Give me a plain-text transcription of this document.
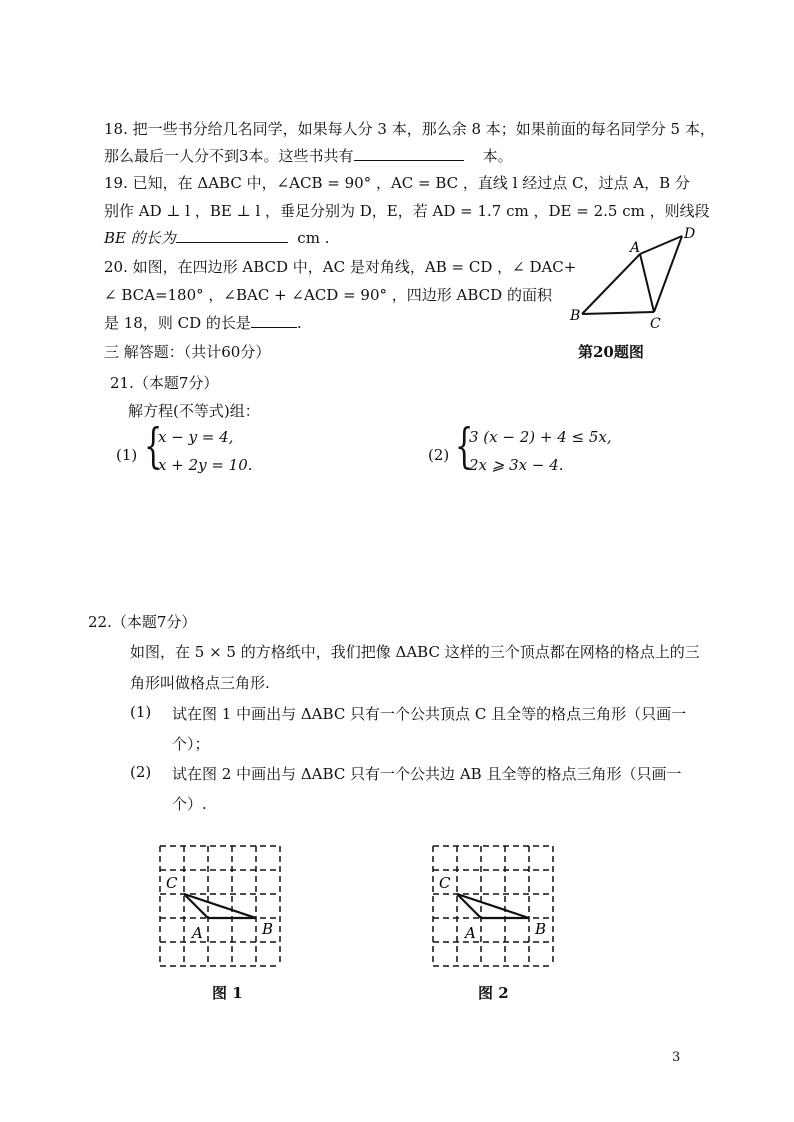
18. 把一些书分给几名同学，如果每人分 3 本，那么余 8 本；如果前面的每名同学分 5 本，
那么最后一人分不到3本。这些书共有	本。
19. 已知，在 ΔABC 中，∠ACB = 90° ，AC = BC ，直线 l 经过点 C，过点 A，B 分
别作 AD ⊥ l ，BE ⊥ l ，垂足分别为 D，E，若 AD = 1.7 cm ，DE = 2.5 cm ，则线段
BE 的长为	cm .
20. 如图，在四边形 ABCD 中，AC 是对角线，AB = CD ，∠ DAC+
∠ BCA=180° ，∠BAC + ∠ACD = 90° ，四边形 ABCD 的面积
是 18，则 CD 的长是	.
A
B	C
D
第20题图
三 解答题：（共计60分）
21.（本题7分）
解方程(不等式)组：
(1) {
x − y = 4,
x + 2y = 10.
(2) {
3 (x − 2) + 4 ≤ 5x,
2x ⩾ 3x − 4.
22.（本题7分）
如图，在 5 × 5 的方格纸中，我们把像 ΔABC 这样的三个顶点都在网格的格点上的三
角形叫做格点三角形.
(1) 试在图 1 中画出与 ΔABC 只有一个公共顶点 C 且全等的格点三角形（只画一
个）；
(2) 试在图 2 中画出与 ΔABC 只有一个公共边 AB 且全等的格点三角形（只画一
个）.
C
A	B
图 1
C
A	B
图 2
3
